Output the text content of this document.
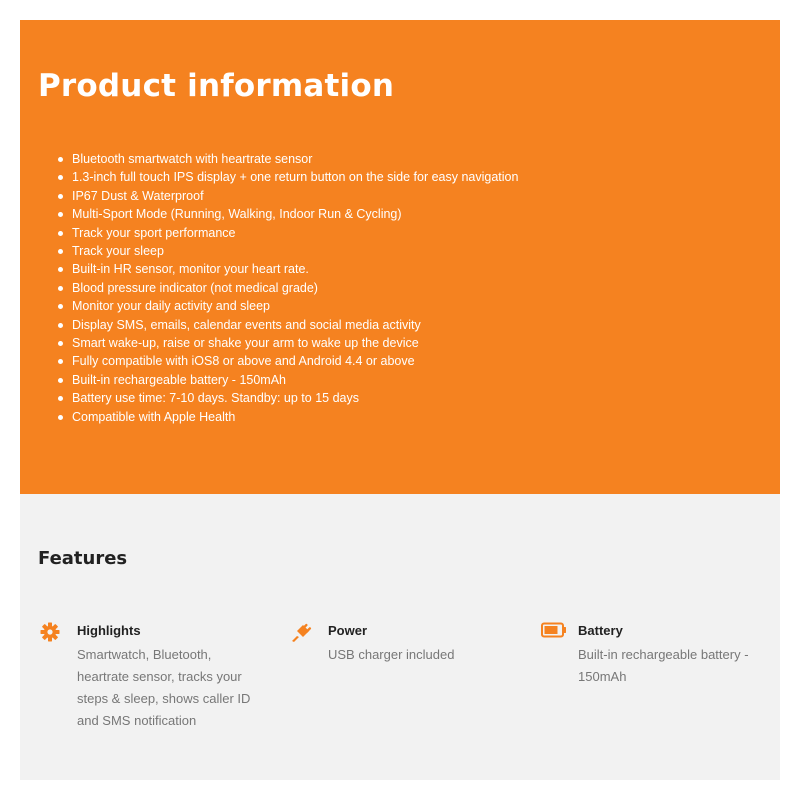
Product information
Bluetooth smartwatch with heartrate sensor
1.3-inch full touch IPS display + one return button on the side for easy navigation
IP67 Dust & Waterproof
Multi-Sport Mode (Running, Walking, Indoor Run & Cycling)
Track your sport performance
Track your sleep
Built-in HR sensor, monitor your heart rate.
Blood pressure indicator (not medical grade)
Monitor your daily activity and sleep
Display SMS, emails, calendar events and social media activity
Smart wake-up, raise or shake your arm to wake up the device
Fully compatible with iOS8 or above and Android 4.4 or above
Built-in rechargeable battery - 150mAh
Battery use time: 7-10 days. Standby: up to 15 days
Compatible with Apple Health
Features
Highlights
Smartwatch, Bluetooth, heartrate sensor, tracks your steps & sleep, shows caller ID and SMS notification
Power
USB charger included
Battery
Built-in rechargeable battery - 150mAh
